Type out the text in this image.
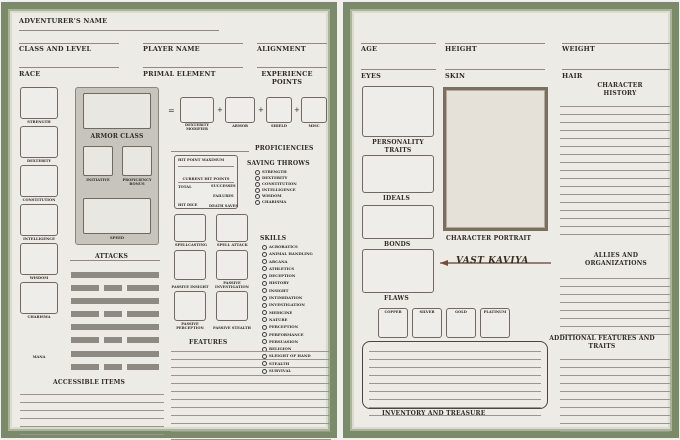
ADVENTURER'S NAME
CLASS AND LEVEL	PLAYER NAME	ALIGNMENT
RACE	PRIMAL ELEMENT	EXPERIENCE POINTS
STRENGTH
DEXTERITY
CONSTITUTION
INTELLIGENCE
WISDOM
CHARISMA
MANA
ARMOR CLASS
INITIATIVE	PROFICIENCY BONUS
SPEED
=
DEXTERITY MODIFIER
+
ARMOR
+
SHIELD
+
MISC
PROFICIENCIES
HIT POINT MAXIMUM
CURRENT HIT POINTS
TOTAL	SUCCESSES
FAILURES
HIT DICE	DEATH SAVES
SAVING THROWS
STRENGTH
DEXTERITY
CONSTITUTION
INTELLIGENCE
WISDOM
CHARISMA
SPELLCASTING	SPELL ATTACK
SKILLS
ACROBATICS
ANIMAL HANDLING
ARCANA
ATHLETICS
DECEPTION
HISTORY
INSIGHT
INTIMIDATION
INVESTIGATION
MEDICINE
NATURE
PERCEPTION
PERFORMANCE
PERSUASION
RELIGION
SLEIGHT OF HAND
STEALTH
SURVIVAL
PASSIVE INSIGHT
PASSIVE INVESTIGATION
PASSIVE PERCEPTION	PASSIVE STEALTH
ATTACKS
FEATURES
ACCESSIBLE ITEMS
AGE	HEIGHT	WEIGHT
EYES	SKIN	HAIR
CHARACTER HISTORY
PERSONALITY TRAITS
IDEALS
BONDS
FLAWS
CHARACTER PORTRAIT
VAST KAVIYA
COPPER	SILVER	GOLD	PLATINUM
INVENTORY AND TREASURE
ALLIES AND ORGANIZATIONS
ADDITIONAL FEATURES AND TRAITS
